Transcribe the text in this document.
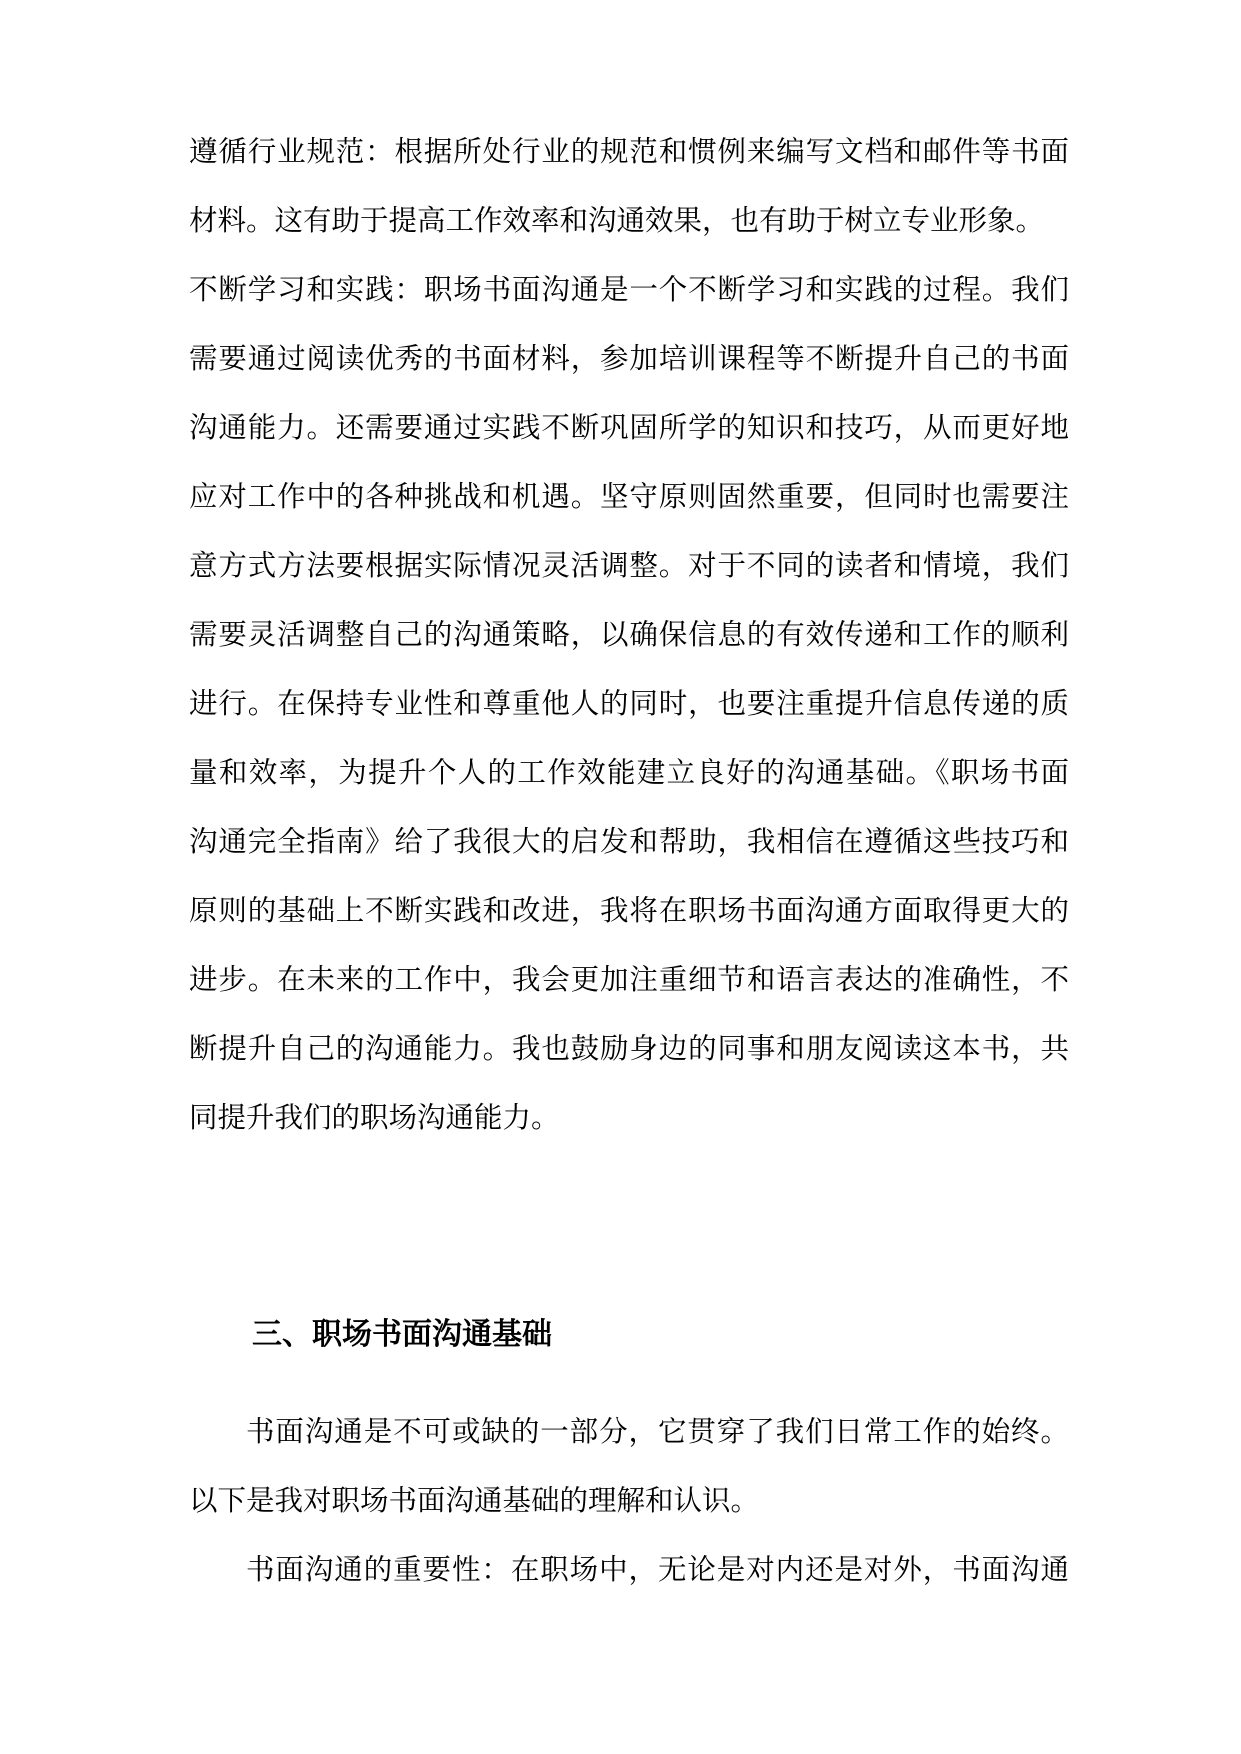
遵循行业规范：根据所处行业的规范和惯例来编写文档和邮件等书面
材料。这有助于提高工作效率和沟通效果，也有助于树立专业形象。
不断学习和实践：职场书面沟通是一个不断学习和实践的过程。我们
需要通过阅读优秀的书面材料，参加培训课程等不断提升自己的书面
沟通能力。还需要通过实践不断巩固所学的知识和技巧，从而更好地
应对工作中的各种挑战和机遇。坚守原则固然重要，但同时也需要注
意方式方法要根据实际情况灵活调整。对于不同的读者和情境，我们
需要灵活调整自己的沟通策略，以确保信息的有效传递和工作的顺利
进行。在保持专业性和尊重他人的同时，也要注重提升信息传递的质
量和效率，为提升个人的工作效能建立良好的沟通基础。《职场书面
沟通完全指南》给了我很大的启发和帮助，我相信在遵循这些技巧和
原则的基础上不断实践和改进，我将在职场书面沟通方面取得更大的
进步。在未来的工作中，我会更加注重细节和语言表达的准确性，不
断提升自己的沟通能力。我也鼓励身边的同事和朋友阅读这本书，共
同提升我们的职场沟通能力。
三、职场书面沟通基础
书面沟通是不可或缺的一部分，它贯穿了我们日常工作的始终。
以下是我对职场书面沟通基础的理解和认识。
书面沟通的重要性：在职场中，无论是对内还是对外，书面沟通
